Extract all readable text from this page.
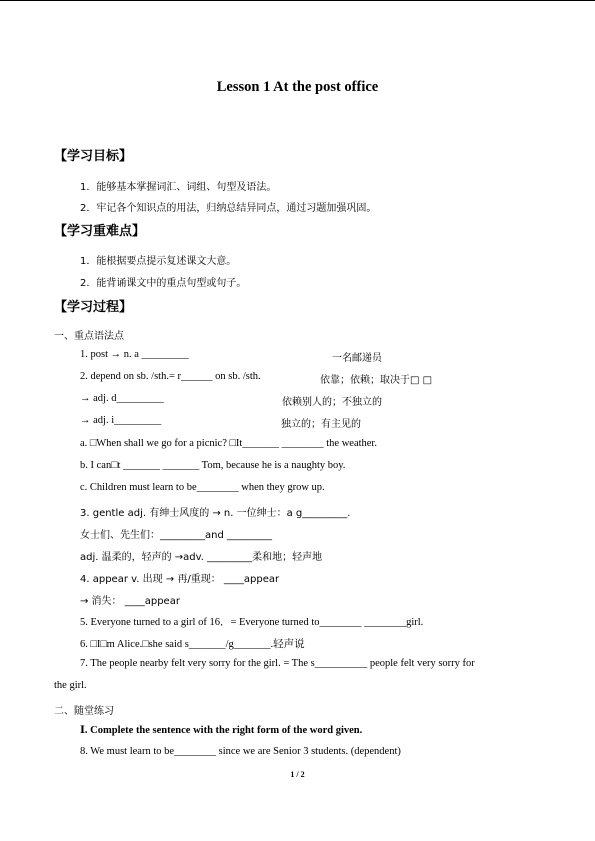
Lesson 1 At the post office
【学习目标】
1．能够基本掌握词汇、词组、句型及语法。
2．牢记各个知识点的用法，归纳总结异同点，通过习题加强巩固。
【学习重难点】
1．能根据要点提示复述课文大意。
2．能背诵课文中的重点句型或句子。
【学习过程】
一、重点语法点
1. post → n. a _________	一名邮递员
2. depend on sb. /sth.= r______ on sb. /sth.	依靠；依赖；取决于□ □
→ adj. d_________	依赖别人的；不独立的
→ adj. i_________	独立的；有主见的
a. □When shall we go for a picnic? □It_______ ________ the weather.
b. I can□t _______ _______ Tom, because he is a naughty boy.
c. Children must learn to be________ when they grow up.
3. gentle adj. 有绅士风度的 → n. 一位绅士：a g_________.
女士们、先生们：_________and _________
adj. 温柔的，轻声的 →adv. _________柔和地；轻声地
4. appear v. 出现 → 再/重现： ____appear
→ 消失： ____appear
5. Everyone turned to a girl of 16．= Everyone turned to________ ________girl.
6. □I□m Alice.□she said s_______/g_______.轻声说
7. The people nearby felt very sorry for the girl. = The s__________ people felt very sorry for
the girl.
二、随堂练习
Ⅰ. Complete the sentence with the right form of the word given.
8. We must learn to be________ since we are Senior 3 students. (dependent)
1 / 2
